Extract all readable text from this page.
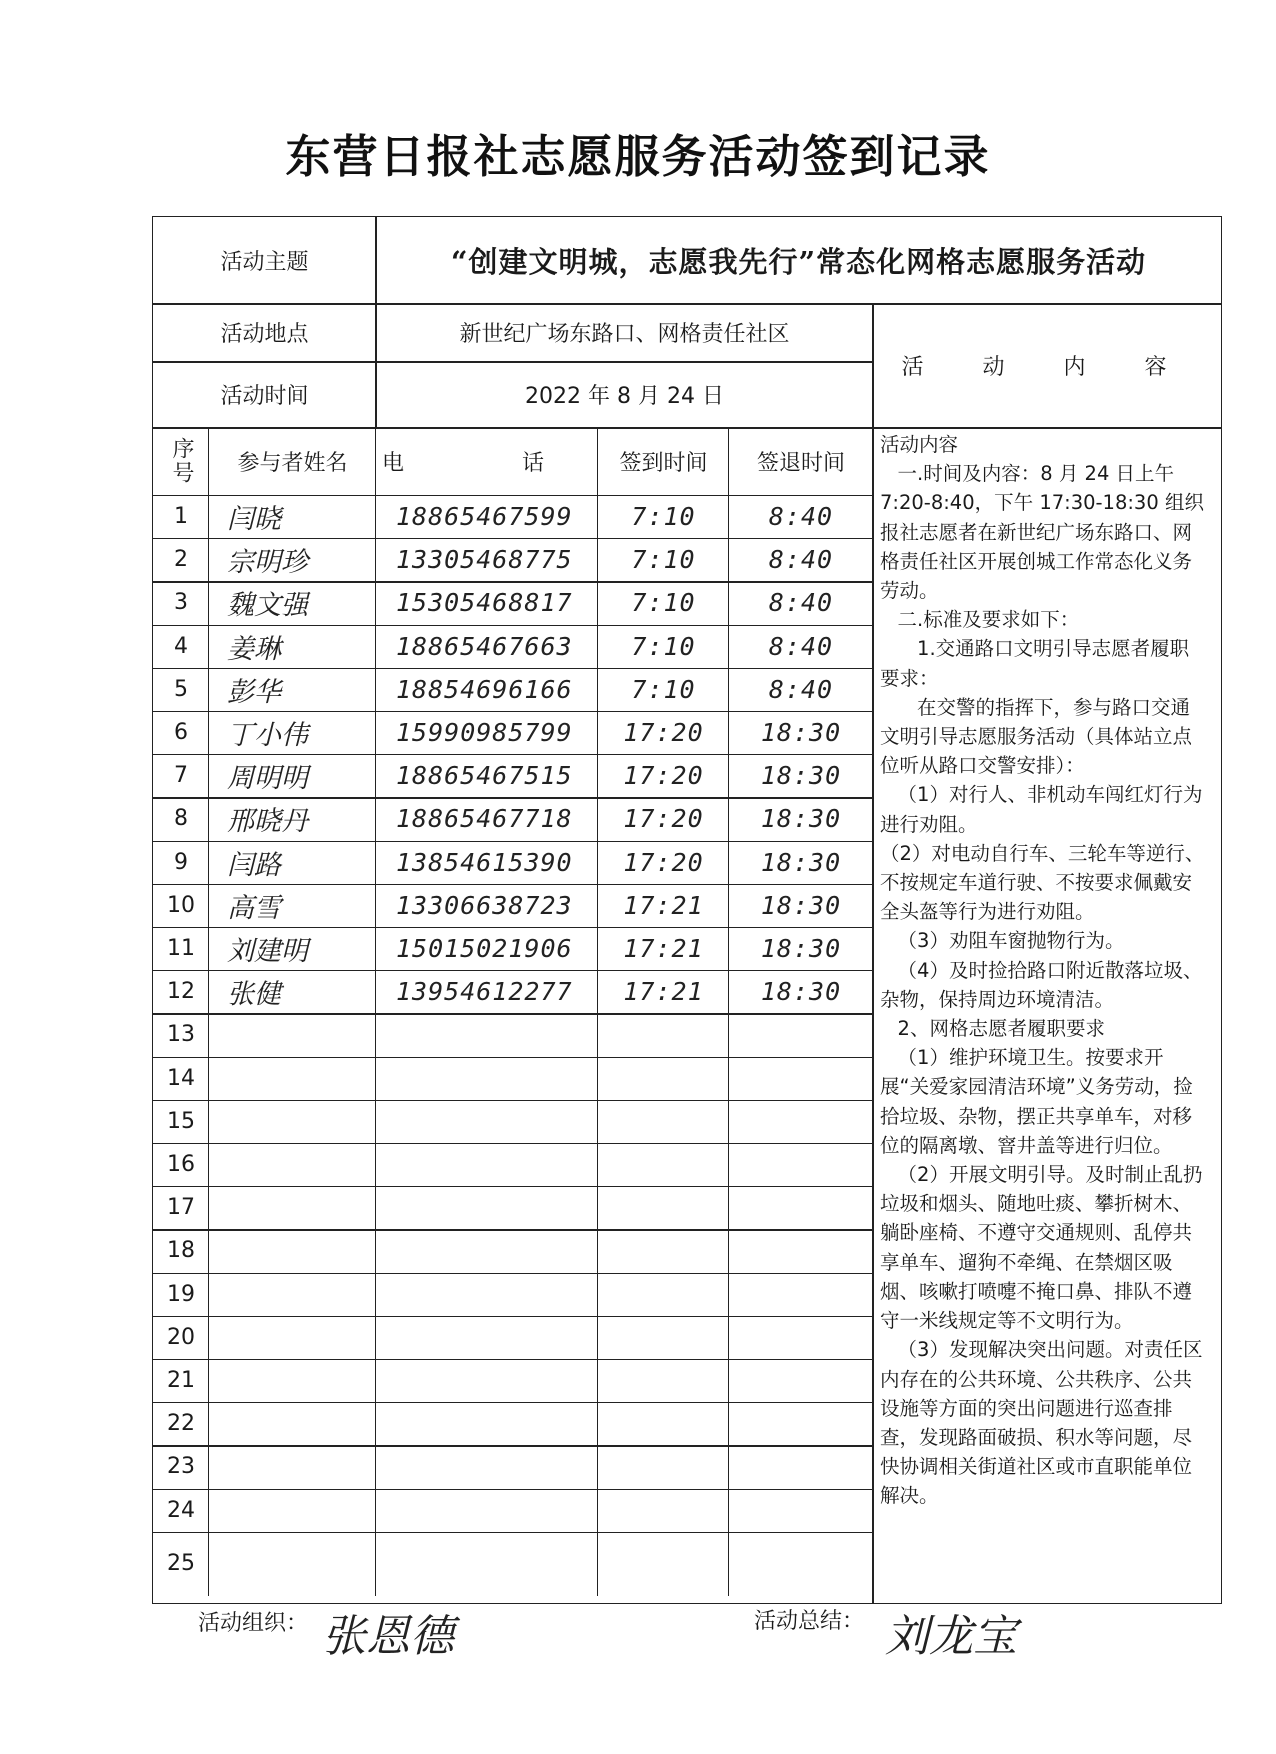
东营日报社志愿服务活动签到记录
活动主题	“创建文明城，志愿我先行”常态化网格志愿服务活动
活动地点	新世纪广场东路口、网格责任社区
活动时间	2022 年 8 月 24 日
活 动 内 容
序号	参与者姓名	电　话	签到时间	签退时间
1	闫晓	18865467599	7:10	8:40
2	宗明珍	13305468775	7:10	8:40
3	魏文强	15305468817	7:10	8:40
4	姜琳	18865467663	7:10	8:40
5	彭华	18854696166	7:10	8:40
6	丁小伟	15990985799	17:20	18:30
7	周明明	18865467515	17:20	18:30
8	邢晓丹	18865467718	17:20	18:30
9	闫路	13854615390	17:20	18:30
10	高雪	13306638723	17:21	18:30
11	刘建明	15015021906	17:21	18:30
12	张健	13954612277	17:21	18:30
13
14
15
16
17
18
19
20
21
22
23
24
25

活动内容

一.时间及内容：8 月 24 日上午 7:20-8:40，下午 17:30-18:30 组织报社志愿者在新世纪广场东路口、网格责任社区开展创城工作常态化义务劳动。

二.标准及要求如下：

1.交通路口文明引导志愿者履职要求：

在交警的指挥下，参与路口交通文明引导志愿服务活动（具体站立点位听从路口交警安排）：

（1）对行人、非机动车闯红灯行为进行劝阻。

（2）对电动自行车、三轮车等逆行、不按规定车道行驶、不按要求佩戴安全头盔等行为进行劝阻。

（3）劝阻车窗抛物行为。

（4）及时捡拾路口附近散落垃圾、杂物，保持周边环境清洁。

2、网格志愿者履职要求

（1）维护环境卫生。按要求开展“关爱家园清洁环境”义务劳动，捡拾垃圾、杂物，摆正共享单车，对移位的隔离墩、窨井盖等进行归位。

（2）开展文明引导。及时制止乱扔垃圾和烟头、随地吐痰、攀折树木、躺卧座椅、不遵守交通规则、乱停共享单车、遛狗不牵绳、在禁烟区吸烟、咳嗽打喷嚏不掩口鼻、排队不遵守一米线规定等不文明行为。

（3）发现解决突出问题。对责任区内存在的公共环境、公共秩序、公共设施等方面的突出问题进行巡查排查，发现路面破损、积水等问题，尽快协调相关街道社区或市直职能单位解决。

活动组织： 张恩德	活动总结： 刘龙宝
